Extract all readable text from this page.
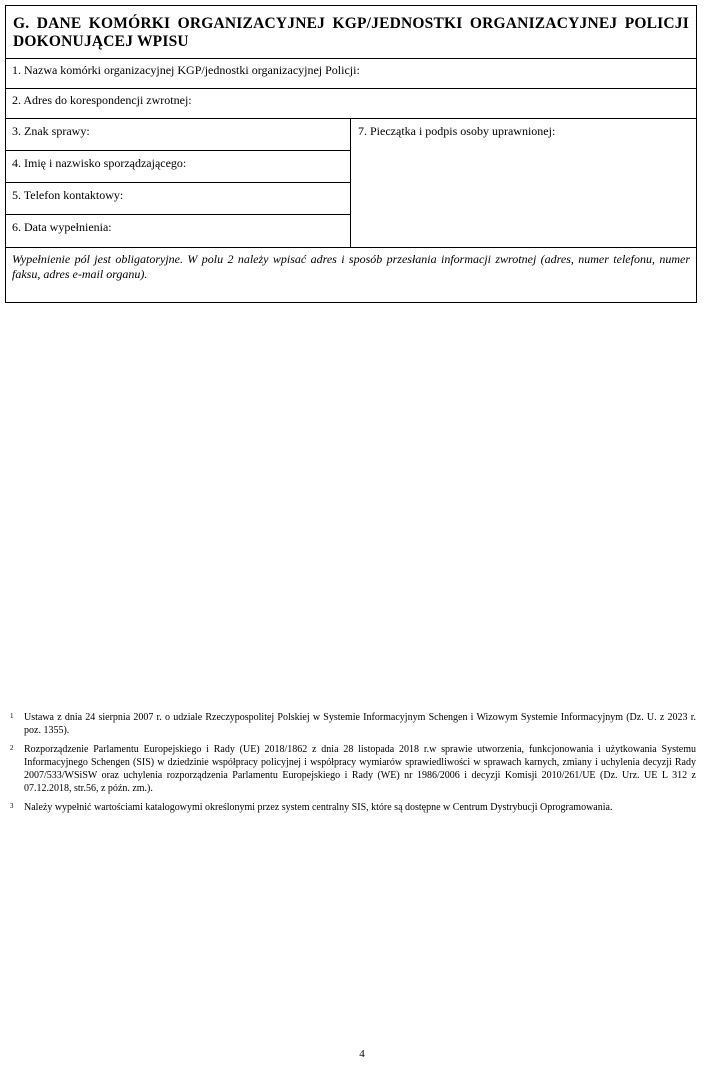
G. DANE KOMÓRKI ORGANIZACYJNEJ KGP/JEDNOSTKI ORGANIZACYJNEJ POLICJI DOKONUJĄCEJ WPISU
1. Nazwa komórki organizacyjnej KGP/jednostki organizacyjnej Policji:
2. Adres do korespondencji zwrotnej:
3. Znak sprawy:
4. Imię i nazwisko sporządzającego:
5. Telefon kontaktowy:
6. Data wypełnienia:
7. Pieczątka i podpis osoby uprawnionej:
Wypełnienie pól jest obligatoryjne. W polu 2 należy wpisać adres i sposób przesłania informacji zwrotnej (adres, numer telefonu, numer faksu, adres e-mail organu).
1	Ustawa z dnia 24 sierpnia 2007 r. o udziale Rzeczypospolitej Polskiej w Systemie Informacyjnym Schengen i Wizowym Systemie Informacyjnym (Dz. U. z 2023 r. poz. 1355).
2	Rozporządzenie Parlamentu Europejskiego i Rady (UE) 2018/1862 z dnia 28 listopada 2018 r.w sprawie utworzenia, funkcjonowania i użytkowania Systemu Informacyjnego Schengen (SIS) w dziedzinie współpracy policyjnej i współpracy wymiarów sprawiedliwości w sprawach karnych, zmiany i uchylenia decyzji Rady 2007/533/WSiSW oraz uchylenia rozporządzenia Parlamentu Europejskiego i Rady (WE) nr 1986/2006 i decyzji Komisji 2010/261/UE (Dz. Urz. UE L 312 z 07.12.2018, str.56, z późn. zm.).
3	Należy wypełnić wartościami katalogowymi określonymi przez system centralny SIS, które są dostępne w Centrum Dystrybucji Oprogramowania.
4
